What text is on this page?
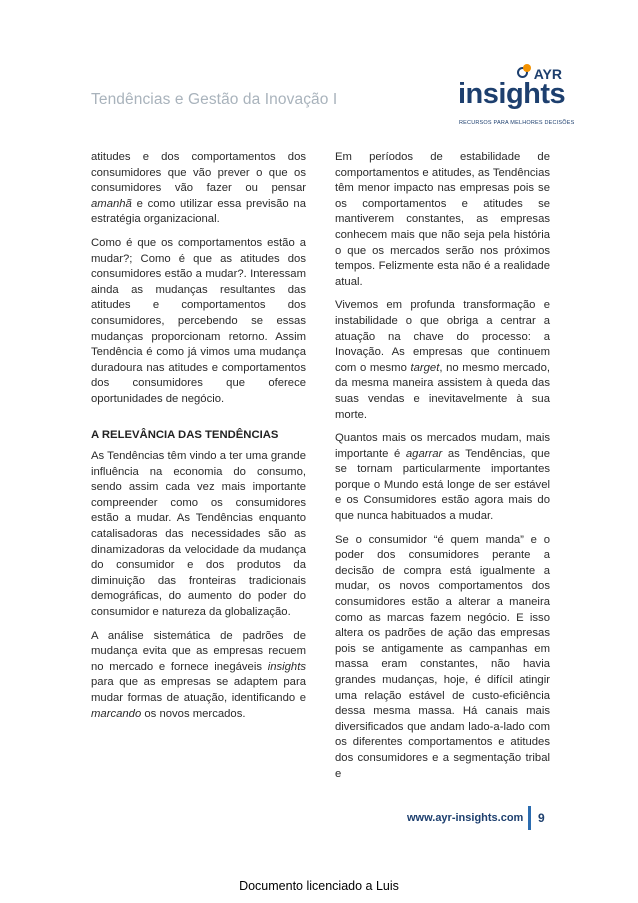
Tendências e Gestão da Inovação I
AYR
insights
RECURSOS PARA MELHORES DECISÕES

atitudes e dos comportamentos dos consumidores que vão prever o que os consumidores vão fazer ou pensar amanhã e como utilizar essa previsão na estratégia organizacional.

Como é que os comportamentos estão a mudar?; Como é que as atitudes dos consumidores estão a mudar?. Interessam ainda as mudanças resultantes das atitudes e comportamentos dos consumidores, percebendo se essas mudanças proporcionam retorno. Assim Tendência é como já vimos uma mudança duradoura nas atitudes e comportamentos dos consumidores que oferece oportunidades de negócio.

A RELEVÂNCIA DAS TENDÊNCIAS

As Tendências têm vindo a ter uma grande influência na economia do consumo, sendo assim cada vez mais importante compreender como os consumidores estão a mudar. As Tendências enquanto catalisadoras das necessidades são as dinamizadoras da velocidade da mudança do consumidor e dos produtos da diminuição das fronteiras tradicionais demográficas, do aumento do poder do consumidor e natureza da globalização.

A análise sistemática de padrões de mudança evita que as empresas recuem no mercado e fornece inegáveis insights para que as empresas se adaptem para mudar formas de atuação, identificando e marcando os novos mercados.

Em períodos de estabilidade de comportamentos e atitudes, as Tendências têm menor impacto nas empresas pois se os comportamentos e atitudes se mantiverem constantes, as empresas conhecem mais que não seja pela história o que os mercados serão nos próximos tempos. Felizmente esta não é a realidade atual.

Vivemos em profunda transformação e instabilidade o que obriga a centrar a atuação na chave do processo: a Inovação. As empresas que continuem com o mesmo target, no mesmo mercado, da mesma maneira assistem à queda das suas vendas e inevitavelmente à sua morte.

Quantos mais os mercados mudam, mais importante é agarrar as Tendências, que se tornam particularmente importantes porque o Mundo está longe de ser estável e os Consumidores estão agora mais do que nunca habituados a mudar.

Se o consumidor “é quem manda” e o poder dos consumidores perante a decisão de compra está igualmente a mudar, os novos comportamentos dos consumidores estão a alterar a maneira como as marcas fazem negócio. E isso altera os padrões de ação das empresas pois se antigamente as campanhas em massa eram constantes, não havia grandes mudanças, hoje, é difícil atingir uma relação estável de custo-eficiência dessa mesma massa. Há canais mais diversificados que andam lado-a-lado com os diferentes comportamentos e atitudes dos consumidores e a segmentação tribal e

www.ayr-insights.com 9
Documento licenciado a Luis
